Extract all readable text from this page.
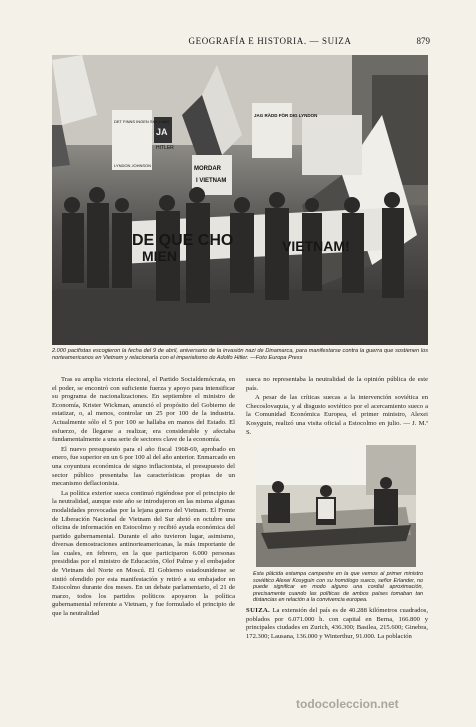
GEOGRAFÍA E HISTORIA. — SUIZA	879
DET FINNS INGEN SKILLNAD
JA
HITLER
LYNDON JOHNSON
MORDAR
I VIETNAM
JAG RÄDD FÖR DIG LYNDON
DE QUE CHO
MIEN
VIETNAM!
2.000 pacifistas escogieron la fecha del 9 de abril, aniversario de la invasión nazi de Dinamarca, para manifestarse contra la guerra que sostienen los norteamericanos en Vietnam y relacionarla con el imperialismo de Adolfo Hitler. —Foto Europa Press

Tras su amplia victoria electoral, el Partido Socialdemócrata, en el poder, se encontró con suficiente fuerza y apoyo para intensificar su programa de nacionalizaciones. En septiembre el ministro de Economía, Krister Wickman, anunció el propósito del Gobierno de estatizar, o, al menos, controlar un 25 por 100 de la industria. Actualmente sólo el 5 por 100 se hallaba en manos del Estado. El esfuerzo, de llegarse a realizar, era considerable y afectaba fundamentalmente a una serie de sectores clave de la economía.

El nuevo presupuesto para el año fiscal 1968-69, aprobado en enero, fue superior en un 6 por 100 al del año anterior. Enmarcado en una coyuntura económica de signo inflacionista, el presupuesto del sector público presentaba las características propias de un mecanismo deflacionista.

La política exterior sueca continuó rigiéndose por el principio de la neutralidad, aunque este año se introdujeron en las misma algunas modalidades provocadas por la lejana guerra del Vietnam. El Frente de Liberación Nacional de Vietnam del Sur abrió en octubre una oficina de información en Estocolmo y recibió ayuda económica del partido gubernamental. Durante el año tuvieron lugar, asimismo, diversas demostraciones antinorteamericanas, la más importante de las cuales, en febrero, en la que participaron 6.000 personas presididas por el ministro de Educación, Olof Palme y el embajador de Vietnam del Norte en Moscú. El Gobierno estadounidense se sintió ofendido por esta manifestación y retiró a su embajador en Estocolmo durante dos meses. En un debate parlamentario, el 21 de marzo, todos los partidos políticos apoyaron la política gubernamental referente a Vietnam, y fue formulado el principio de que la neutralidad

sueca no representaba la neutralidad de la opinión pública de este país.

A pesar de las críticas suecas a la intervención soviética en Checoslovaquia, y al disgusto soviético por el acercamiento sueco a la Comunidad Económica Europea, el primer ministro, Alexei Kosyguin, realizó una visita oficial a Estocolmo en julio. — J. M.ª S.

Esta plácida estampa campestre en la que vemos al primer ministro soviético Alexei Kosyguin con su homólogo sueco, señor Erlander, no puede significar en modo alguno una cordial aproximación, precisamente cuando las políticas de ambos países tomaban tan distancias en relación a la convivencia europea.
SUIZA. La extensión del país es de 40.288 kilómetros cuadrados, poblados por 6.071.000 h. con capital en Berna, 166.800 y principales ciudades en Zurich, 436.300; Basilea, 215.600; Ginebra, 172.300; Lausana, 136.000 y Winterthur, 91.000. La población
todocoleccion.net
